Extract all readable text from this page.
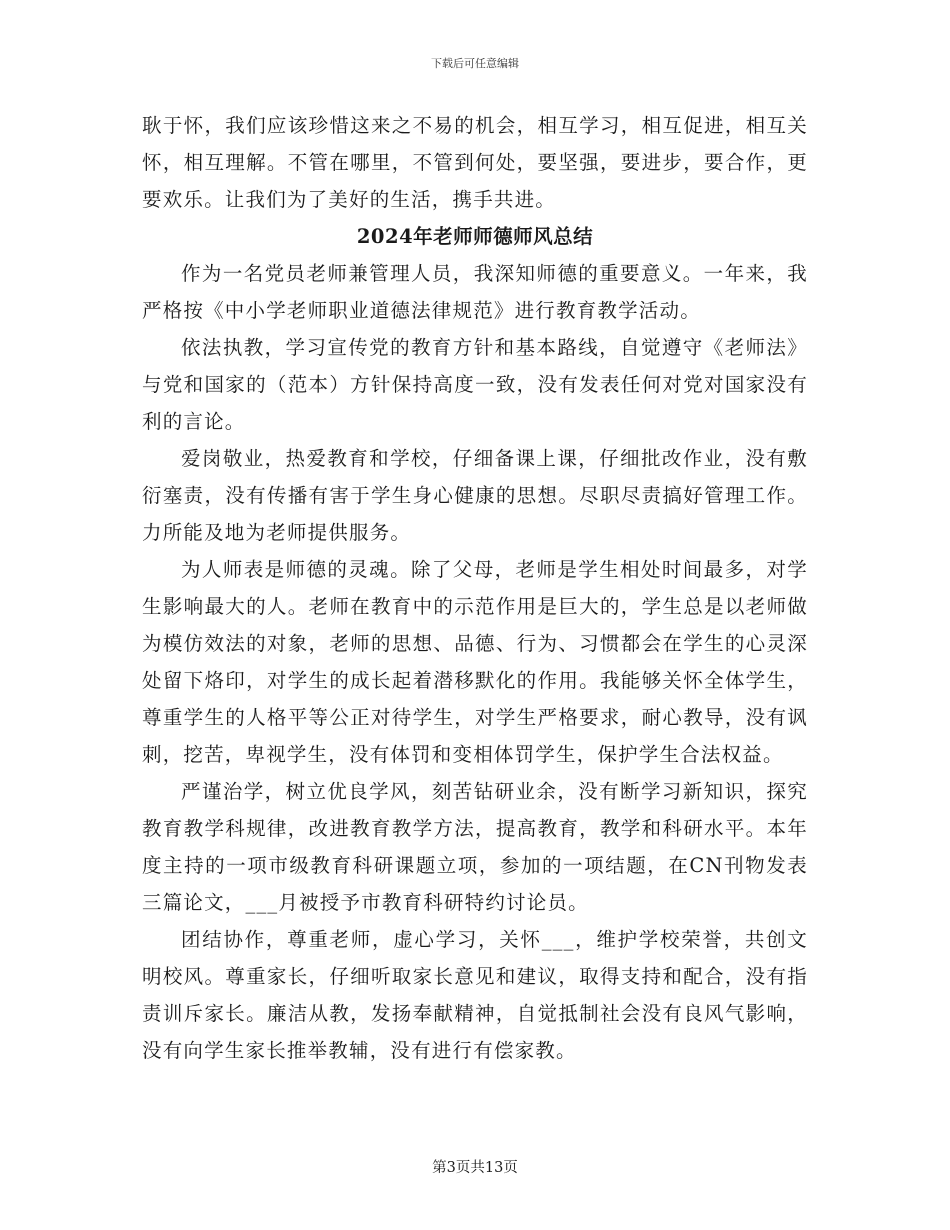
下载后可任意编辑

耿于怀，我们应该珍惜这来之不易的机会，相互学习，相互促进，相互关怀，相互理解。不管在哪里，不管到何处，要坚强，要进步，要合作，更要欢乐。让我们为了美好的生活，携手共进。

2024年老师师德师风总结

作为一名党员老师兼管理人员，我深知师德的重要意义。一年来，我严格按《中小学老师职业道德法律规范》进行教育教学活动。

依法执教，学习宣传党的教育方针和基本路线，自觉遵守《老师法》与党和国家的（范本）方针保持高度一致，没有发表任何对党对国家没有利的言论。

爱岗敬业，热爱教育和学校，仔细备课上课，仔细批改作业，没有敷衍塞责，没有传播有害于学生身心健康的思想。尽职尽责搞好管理工作。力所能及地为老师提供服务。

为人师表是师德的灵魂。除了父母，老师是学生相处时间最多，对学生影响最大的人。老师在教育中的示范作用是巨大的，学生总是以老师做为模仿效法的对象，老师的思想、品德、行为、习惯都会在学生的心灵深处留下烙印，对学生的成长起着潜移默化的作用。我能够关怀全体学生，尊重学生的人格平等公正对待学生，对学生严格要求，耐心教导，没有讽刺，挖苦，卑视学生，没有体罚和变相体罚学生，保护学生合法权益。

严谨治学，树立优良学风，刻苦钻研业余，没有断学习新知识，探究教育教学科规律，改进教育教学方法，提高教育，教学和科研水平。本年度主持的一项市级教育科研课题立项，参加的一项结题，在CN刊物发表三篇论文，___月被授予市教育科研特约讨论员。

团结协作，尊重老师，虚心学习，关怀___，维护学校荣誉，共创文明校风。尊重家长，仔细听取家长意见和建议，取得支持和配合，没有指责训斥家长。廉洁从教，发扬奉献精神，自觉抵制社会没有良风气影响，没有向学生家长推举教辅，没有进行有偿家教。

第3页共13页
